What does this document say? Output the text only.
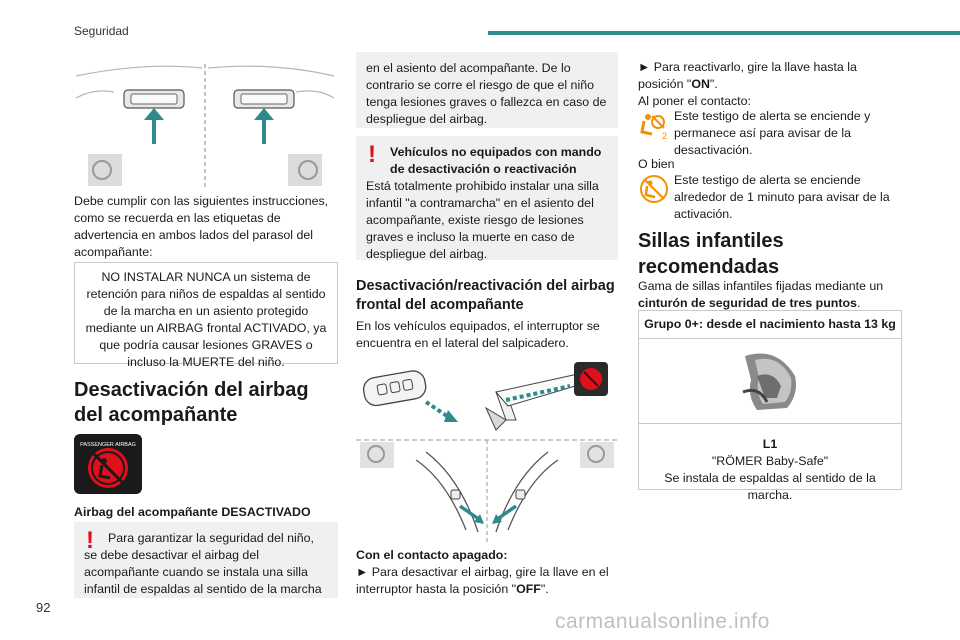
Seguridad

Debe cumplir con las siguientes instrucciones, como se recuerda en las etiquetas de advertencia en ambos lados del parasol del acompañante:

NO INSTALAR NUNCA un sistema de retención para niños de espaldas al sentido de la marcha en un asiento protegido mediante un AIRBAG frontal ACTIVADO, ya que podría causar lesiones GRAVES o incluso la MUERTE del niño.
Desactivación del airbag del acompañante
PASSENGER AIRBAG

Airbag del acompañante DESACTIVADO

!	Para garantizar la seguridad del niño, se debe desactivar el airbag del acompañante cuando se instala una silla infantil de espaldas al sentido de la marcha
en el asiento del acompañante. De lo contrario se corre el riesgo de que el niño tenga lesiones graves o fallezca en caso de despliegue del airbag.
!	Vehículos no equipados con mando de desactivación o reactivación
Está totalmente prohibido instalar una silla infantil "a contramarcha" en el asiento del acompañante, existe riesgo de lesiones graves e incluso la muerte en caso de despliegue del airbag.
Desactivación/reactivación del airbag frontal del acompañante

En los vehículos equipados, el interruptor se encuentra en el lateral del salpicadero.

Con el contacto apagado:

► Para desactivar el airbag, gire la llave en el interruptor hasta la posición "OFF".

► Para reactivarlo, gire la llave hasta la posición "ON".

Al poner el contacto:

2
Este testigo de alerta se enciende y permanece así para avisar de la desactivación.

O bien

Este testigo de alerta se enciende alrededor de 1 minuto para avisar de la activación.
Sillas infantiles recomendadas

Gama de sillas infantiles fijadas mediante un cinturón de seguridad de tres puntos.

Grupo 0+: desde el nacimiento hasta 13 kg
L1
"RÖMER Baby-Safe"
Se instala de espaldas al sentido de la marcha.
92
carmanualsonline.info
